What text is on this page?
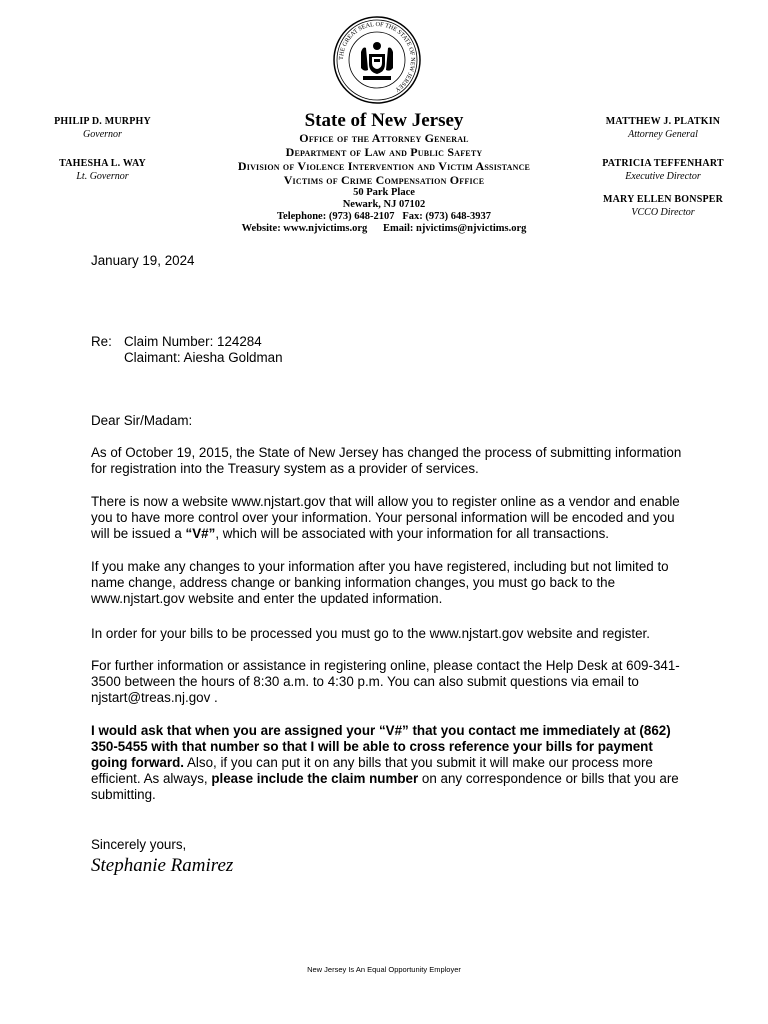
THE GREAT SEAL OF THE STATE OF NEW JERSEY
PHILIP D. MURPHY
Governor
TAHESHA L. WAY
Lt. Governor
MATTHEW J. PLATKIN
Attorney General
PATRICIA TEFFENHART
Executive Director
MARY ELLEN BONSPER
VCCO Director
State of New Jersey
Office of the Attorney General
Department of Law and Public Safety
Division of Violence Intervention and Victim Assistance
Victims of Crime Compensation Office
50 Park Place
Newark, NJ 07102
Telephone: (973) 648-2107   Fax: (973) 648-3937
Website: www.njvictims.org      Email: njvictims@njvictims.org
January 19, 2024
Re: Claim Number: 124284
Claimant: Aiesha Goldman
Dear Sir/Madam:
As of October 19, 2015, the State of New Jersey has changed the process of submitting information for registration into the Treasury system as a provider of services.
There is now a website www.njstart.gov that will allow you to register online as a vendor and enable you to have more control over your information. Your personal information will be encoded and you will be issued a “V#”, which will be associated with your information for all transactions.
If you make any changes to your information after you have registered, including but not limited to name change, address change or banking information changes, you must go back to the www.njstart.gov website and enter the updated information.
In order for your bills to be processed you must go to the www.njstart.gov website and register.
For further information or assistance in registering online, please contact the Help Desk at 609-341-3500 between the hours of 8:30 a.m. to 4:30 p.m. You can also submit questions via email to njstart@treas.nj.gov .
I would ask that when you are assigned your “V#” that you contact me immediately at (862) 350-5455 with that number so that I will be able to cross reference your bills for payment going forward. Also, if you can put it on any bills that you submit it will make our process more efficient. As always, please include the claim number on any correspondence or bills that you are submitting.
Sincerely yours,
Stephanie Ramirez
New Jersey Is An Equal Opportunity Employer
